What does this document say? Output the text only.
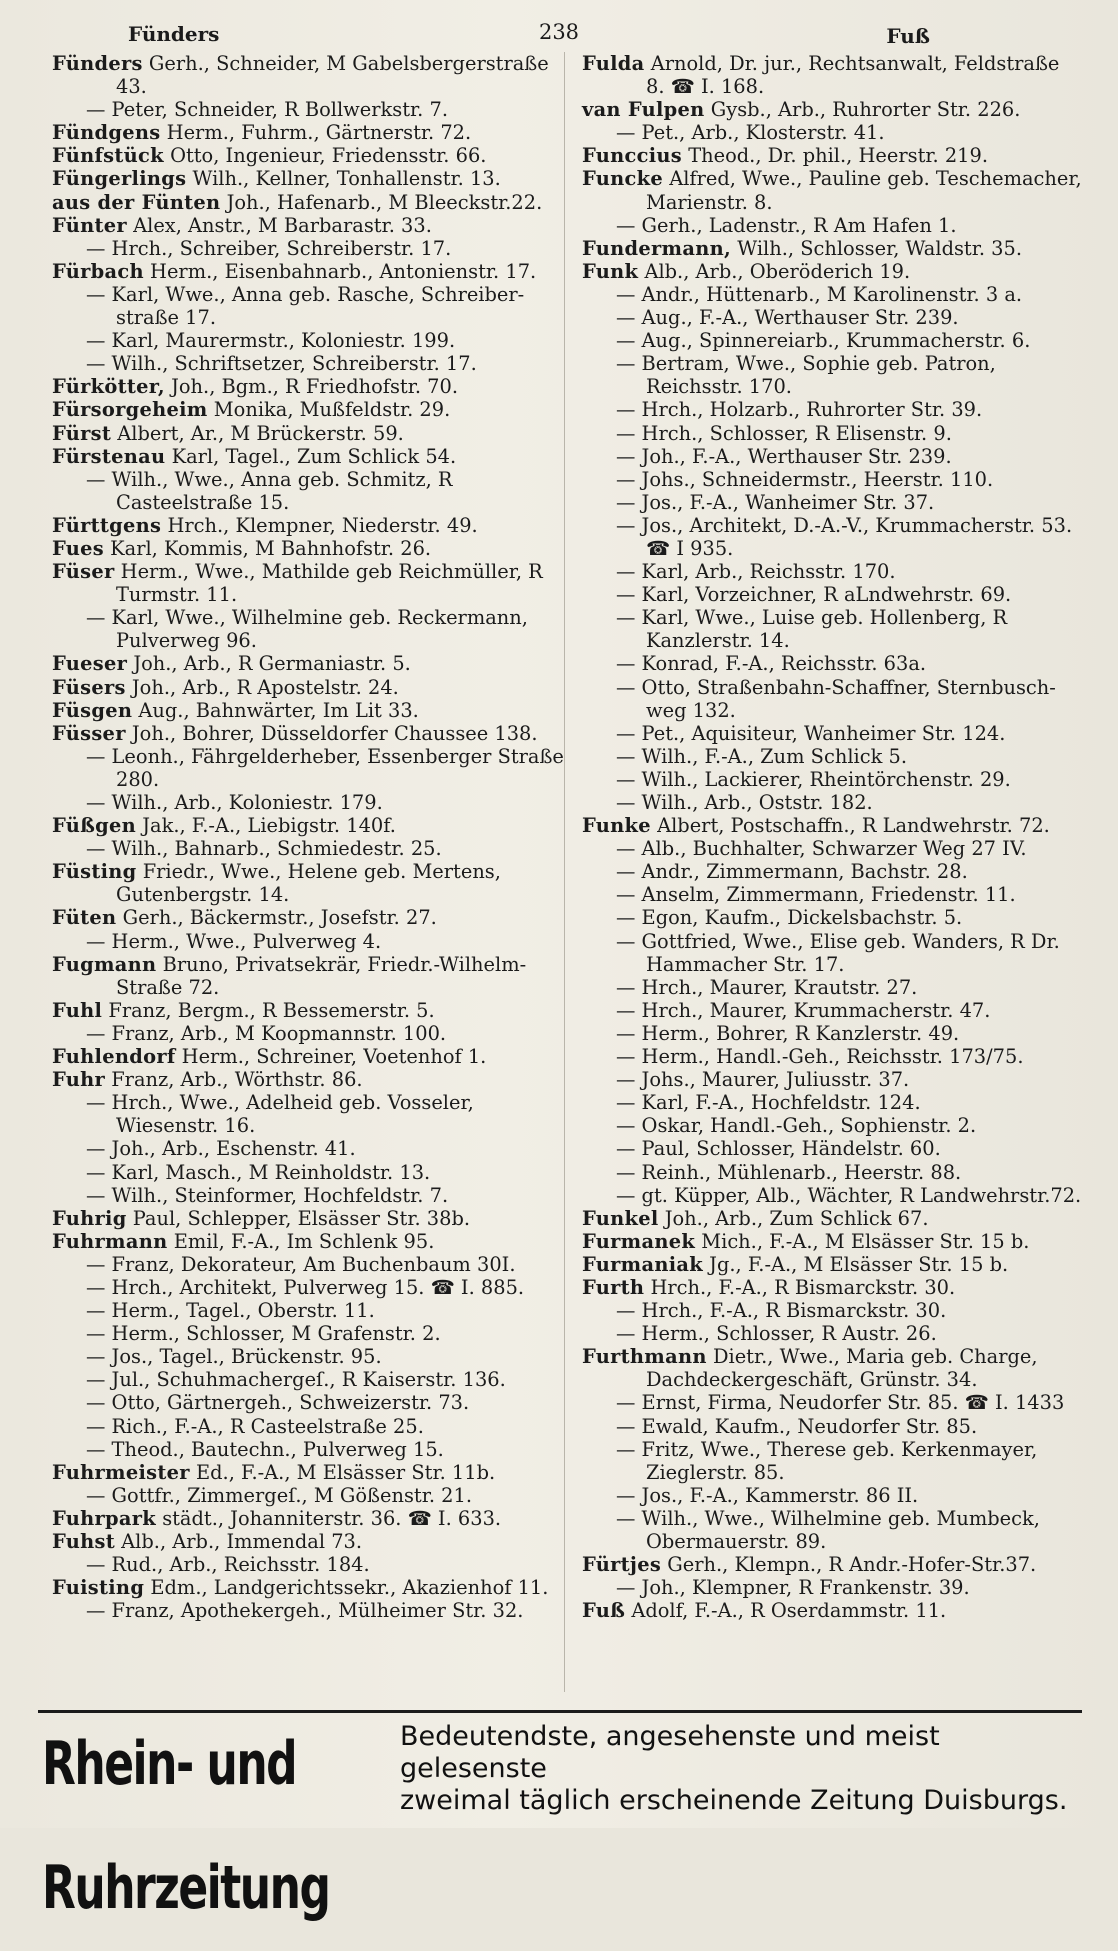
Fünders	238	Fuß

Fünders Gerh., Schneider, M Gabelsbergerstraße 43.

— Peter, Schneider, R Bollwerkstr. 7.

Fündgens Herm., Fuhrm., Gärtnerstr. 72.

Fünfstück Otto, Ingenieur, Friedensstr. 66.

Füngerlings Wilh., Kellner, Tonhallenstr. 13.

aus der Fünten Joh., Hafenarb., M Bleeckstr.22.

Fünter Alex, Anstr., M Barbarastr. 33.

— Hrch., Schreiber, Schreiberstr. 17.

Fürbach Herm., Eisenbahnarb., Antonienstr. 17.

— Karl, Wwe., Anna geb. Rasche, Schreiberstraße 17.

— Karl, Maurermstr., Koloniestr. 199.

— Wilh., Schriftsetzer, Schreiberstr. 17.

Fürkötter, Joh., Bgm., R Friedhofstr. 70.

Fürsorgeheim Monika, Mußfeldstr. 29.

Fürst Albert, Ar., M Brückerstr. 59.

Fürstenau Karl, Tagel., Zum Schlick 54.

— Wilh., Wwe., Anna geb. Schmitz, R Casteelstraße 15.

Fürttgens Hrch., Klempner, Niederstr. 49.

Fues Karl, Kommis, M Bahnhofstr. 26.

Füser Herm., Wwe., Mathilde geb Reichmüller, R Turmstr. 11.

— Karl, Wwe., Wilhelmine geb. Reckermann, Pulverweg 96.

Fueser Joh., Arb., R Germaniastr. 5.

Füsers Joh., Arb., R Apostelstr. 24.

Füsgen Aug., Bahnwärter, Im Lit 33.

Füsser Joh., Bohrer, Düsseldorfer Chaussee 138.

— Leonh., Fährgelderheber, Essenberger Straße 280.

— Wilh., Arb., Koloniestr. 179.

Füßgen Jak., F.-A., Liebigstr. 140f.

— Wilh., Bahnarb., Schmiedestr. 25.

Füsting Friedr., Wwe., Helene geb. Mertens, Gutenbergstr. 14.

Füten Gerh., Bäckermstr., Josefstr. 27.

— Herm., Wwe., Pulverweg 4.

Fugmann Bruno, Privatsekrär, Friedr.-Wilhelm-Straße 72.

Fuhl Franz, Bergm., R Bessemerstr. 5.

— Franz, Arb., M Koopmannstr. 100.

Fuhlendorf Herm., Schreiner, Voetenhof 1.

Fuhr Franz, Arb., Wörthstr. 86.

— Hrch., Wwe., Adelheid geb. Vosseler, Wiesenstr. 16.

— Joh., Arb., Eschenstr. 41.

— Karl, Masch., M Reinholdstr. 13.

— Wilh., Steinformer, Hochfeldstr. 7.

Fuhrig Paul, Schlepper, Elsässer Str. 38b.

Fuhrmann Emil, F.-A., Im Schlenk 95.

— Franz, Dekorateur, Am Buchenbaum 30I.

— Hrch., Architekt, Pulverweg 15. ☎ I. 885.

— Herm., Tagel., Oberstr. 11.

— Herm., Schlosser, M Grafenstr. 2.

— Jos., Tagel., Brückenstr. 95.

— Jul., Schuhmachergeſ., R Kaiserstr. 136.

— Otto, Gärtnergeh., Schweizerstr. 73.

— Rich., F.-A., R Casteelstraße 25.

— Theod., Bautechn., Pulverweg 15.

Fuhrmeister Ed., F.-A., M Elsässer Str. 11b.

— Gottfr., Zimmergeſ., M Gößenstr. 21.

Fuhrpark städt., Johanniterstr. 36. ☎ I. 633.

Fuhst Alb., Arb., Immendal 73.

— Rud., Arb., Reichsstr. 184.

Fuisting Edm., Landgerichtssekr., Akazienhof 11.

— Franz, Apothekergeh., Mülheimer Str. 32.

Fulda Arnold, Dr. jur., Rechtsanwalt, Feldstraße 8. ☎ I. 168.

van Fulpen Gysb., Arb., Ruhrorter Str. 226.

— Pet., Arb., Klosterstr. 41.

Funccius Theod., Dr. phil., Heerstr. 219.

Funcke Alfred, Wwe., Pauline geb. Teschemacher, Marienstr. 8.

— Gerh., Ladenstr., R Am Hafen 1.

Fundermann, Wilh., Schlosser, Waldstr. 35.

Funk Alb., Arb., Oberöderich 19.

— Andr., Hüttenarb., M Karolinenstr. 3 a.

— Aug., F.-A., Werthauser Str. 239.

— Aug., Spinnereiarb., Krummacherstr. 6.

— Bertram, Wwe., Sophie geb. Patron, Reichsstr. 170.

— Hrch., Holzarb., Ruhrorter Str. 39.

— Hrch., Schlosser, R Elisenstr. 9.

— Joh., F.-A., Werthauser Str. 239.

— Johs., Schneidermstr., Heerstr. 110.

— Jos., F.-A., Wanheimer Str. 37.

— Jos., Architekt, D.-A.-V., Krummacherstr. 53. ☎ I 935.

— Karl, Arb., Reichsstr. 170.

— Karl, Vorzeichner, R aLndwehrstr. 69.

— Karl, Wwe., Luise geb. Hollenberg, R Kanzlerstr. 14.

— Konrad, F.-A., Reichsstr. 63a.

— Otto, Straßenbahn-Schaffner, Sternbuschweg 132.

— Pet., Aquisiteur, Wanheimer Str. 124.

— Wilh., F.-A., Zum Schlick 5.

— Wilh., Lackierer, Rheintörchenstr. 29.

— Wilh., Arb., Oststr. 182.

Funke Albert, Postschaffn., R Landwehrstr. 72.

— Alb., Buchhalter, Schwarzer Weg 27 IV.

— Andr., Zimmermann, Bachstr. 28.

— Anselm, Zimmermann, Friedenstr. 11.

— Egon, Kaufm., Dickelsbachstr. 5.

— Gottfried, Wwe., Elise geb. Wanders, R Dr. Hammacher Str. 17.

— Hrch., Maurer, Krautstr. 27.

— Hrch., Maurer, Krummacherstr. 47.

— Herm., Bohrer, R Kanzlerstr. 49.

— Herm., Handl.-Geh., Reichsstr. 173/75.

— Johs., Maurer, Juliusstr. 37.

— Karl, F.-A., Hochfeldstr. 124.

— Oskar, Handl.-Geh., Sophienstr. 2.

— Paul, Schlosser, Händelstr. 60.

— Reinh., Mühlenarb., Heerstr. 88.

— gt. Küpper, Alb., Wächter, R Landwehrstr.72.

Funkel Joh., Arb., Zum Schlick 67.

Furmanek Mich., F.-A., M Elsässer Str. 15 b.

Furmaniak Jg., F.-A., M Elsässer Str. 15 b.

Furth Hrch., F.-A., R Bismarckstr. 30.

— Hrch., F.-A., R Bismarckstr. 30.

— Herm., Schlosser, R Austr. 26.

Furthmann Dietr., Wwe., Maria geb. Charge, Dachdeckergeschäft, Grünstr. 34.

— Ernst, Firma, Neudorfer Str. 85. ☎ I. 1433

— Ewald, Kaufm., Neudorfer Str. 85.

— Fritz, Wwe., Therese geb. Kerkenmayer, Zieglerstr. 85.

— Jos., F.-A., Kammerstr. 86 II.

— Wilh., Wwe., Wilhelmine geb. Mumbeck, Obermauerstr. 89.

Fürtjes Gerh., Klempn., R Andr.-Hofer-Str.37.

— Joh., Klempner, R Frankenstr. 39.

Fuß Adolf, F.-A., R Oserdammstr. 11.

Rhein- und Ruhrzeitung
Bedeutendste, angesehenste und meist gelesenste
zweimal täglich erscheinende Zeitung Duisburgs.
